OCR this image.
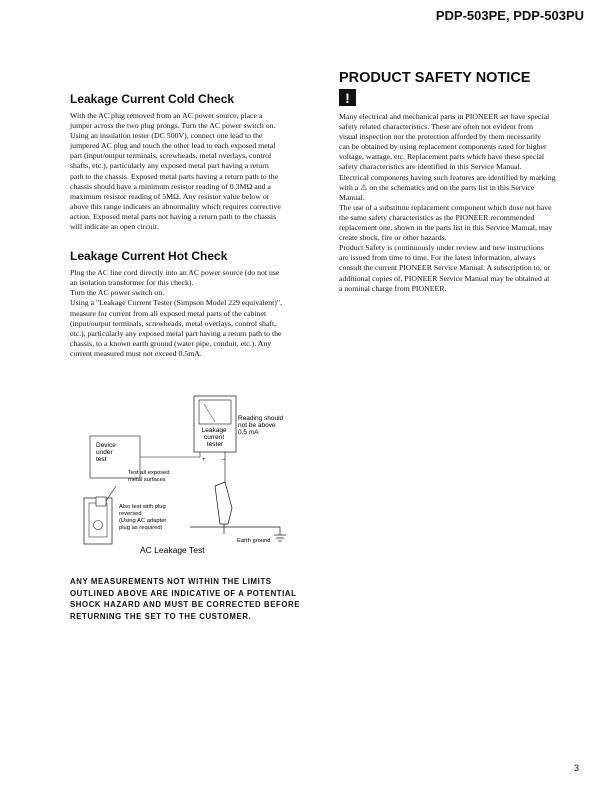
PDP-503PE, PDP-503PU
Leakage Current Cold Check

With the AC plug removed from an AC power source, place a
jumper across the two plug prongs. Turn the AC power switch on.
Using an insulation tester (DC 500V), connect one lead to the
jumpered AC plug and touch the other lead to each exposed metal
part (input/output terminals, screwheads, metal overlays, control
shafts, etc.), particularly any exposed metal part having a return
path to the chassis. Exposed metal parts having a return path to the
chassis should have a minimum resistor reading of 0.3MΩ and a
maximum resistor reading of 5MΩ. Any resistor value below or
above this range indicates an abnormality which requires corrective
action. Exposed metal parts not having a return path to the chassis
will indicate an open circuit.

Leakage Current Hot Check

Plug the AC line cord directly into an AC power source (do not use
an isolation transformer for this check).
Turn the AC power switch on.
Using a "Leakage Current Tester (Simpson Model 229 equivalent)",
measure for current from all exposed metal parts of the cabinet
(input/output terminals, screwheads, metal overlays, control shaft,
etc.), particularly any exposed metal part having a return path to the
chassis, to a known earth ground (water pipe, conduit, etc.). Any
current measured must not exceed 0.5mA.

Device under test
Leakage current tester
Reading should not be above 0.5 mA
+	–
Test all exposed metal surfaces
Earth ground
Also test with plug reversed (Using AC adapter plug as required)
AC Leakage Test
ANY MEASUREMENTS NOT WITHIN THE LIMITS
OUTLINED ABOVE ARE INDICATIVE OF A POTENTIAL
SHOCK HAZARD AND MUST BE CORRECTED BEFORE
RETURNING THE SET TO THE CUSTOMER.
PRODUCT SAFETY NOTICE
!

Many electrical and mechanical parts in PIONEER set have special
safety related characteristics. These are often not evident from
visual inspection nor the protection afforded by them necessarily
can be obtained by using replacement components rated for higher
voltage, wattage, etc. Replacement parts which have these special
safety characteristics are identified in this Service Manual.
Electrical components having such features are identified by marking
with a ⚠ on the schematics and on the parts list in this Service
Manual.
The use of a substitute replacement component which dose not have
the same safety characteristics as the PIONEER recommended
replacement one, shown in the parts list in this Service Manual, may
create shock, fire or other hazards.
Product Safety is continuously under review and new instructions
are issued from time to time. For the latest information, always
consult the current PIONEER Service Manual. A subscription to, or
additional copies of, PIONEER Service Manual may be obtained at
a nominal charge from PIONEER.

3
